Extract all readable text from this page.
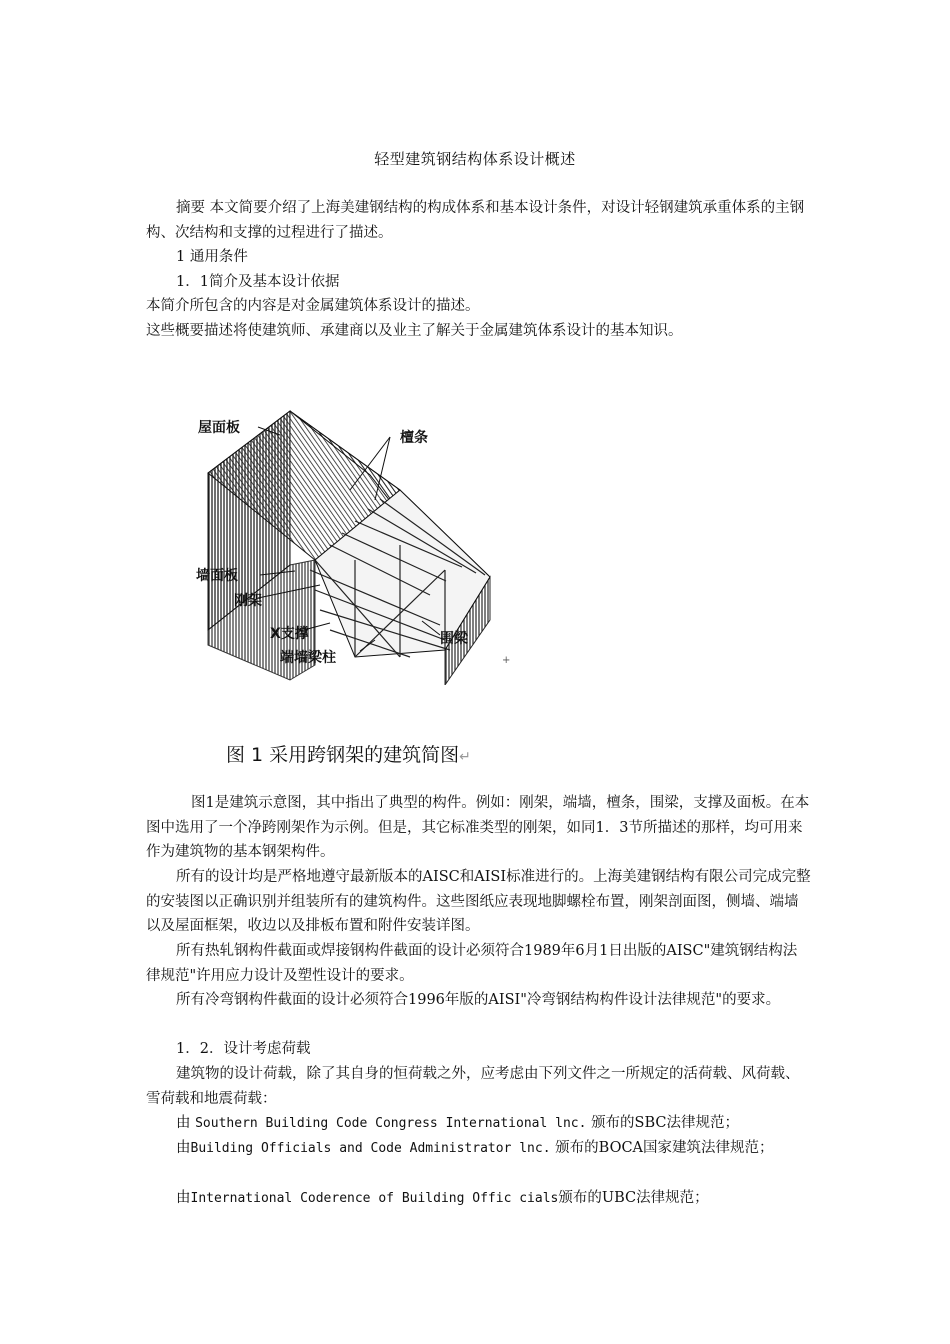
轻型建筑钢结构体系设计概述

摘要 本文简要介绍了上海美建钢结构的构成体系和基本设计条件，对设计轻钢建筑承重体系的主钢构、次结构和支撑的过程进行了描述。

1 通用条件
1．1简介及基本设计依据
本简介所包含的内容是对金属建筑体系设计的描述。
这些概要描述将使建筑师、承建商以及业主了解关于金属建筑体系设计的基本知识。
+
屋面板
檀条
墙面板
刚架
X支撑
端墙梁柱
围梁
图 1 采用跨钢架的建筑简图↵

图1是建筑示意图，其中指出了典型的构件。例如：刚架，端墙，檀条，围梁，支撑及面板。在本图中选用了一个净跨刚架作为示例。但是，其它标准类型的刚架，如同1．3节所描述的那样，均可用来作为建筑物的基本钢架构件。

所有的设计均是严格地遵守最新版本的AISC和AISI标准进行的。上海美建钢结构有限公司完成完整的安装图以正确识别并组装所有的建筑构件。这些图纸应表现地脚螺栓布置，刚架剖面图，侧墙、端墙以及屋面框架，收边以及排板布置和附件安装详图。

所有热轧钢构件截面或焊接钢构件截面的设计必须符合1989年6月1日出版的AISC"建筑钢结构法律规范"许用应力设计及塑性设计的要求。

所有冷弯钢构件截面的设计必须符合1996年版的AISI"冷弯钢结构构件设计法律规范"的要求。

1．2．设计考虑荷载

建筑物的设计荷载，除了其自身的恒荷载之外，应考虑由下列文件之一所规定的活荷载、风荷载、雪荷载和地震荷载：

由 Southern Building Code Congress International lnc. 颁布的SBC法律规范；
由Building Officials and Code Administrator lnc. 颁布的BOCA国家建筑法律规范；
由International Coderence of Building Offic cials颁布的UBC法律规范；
